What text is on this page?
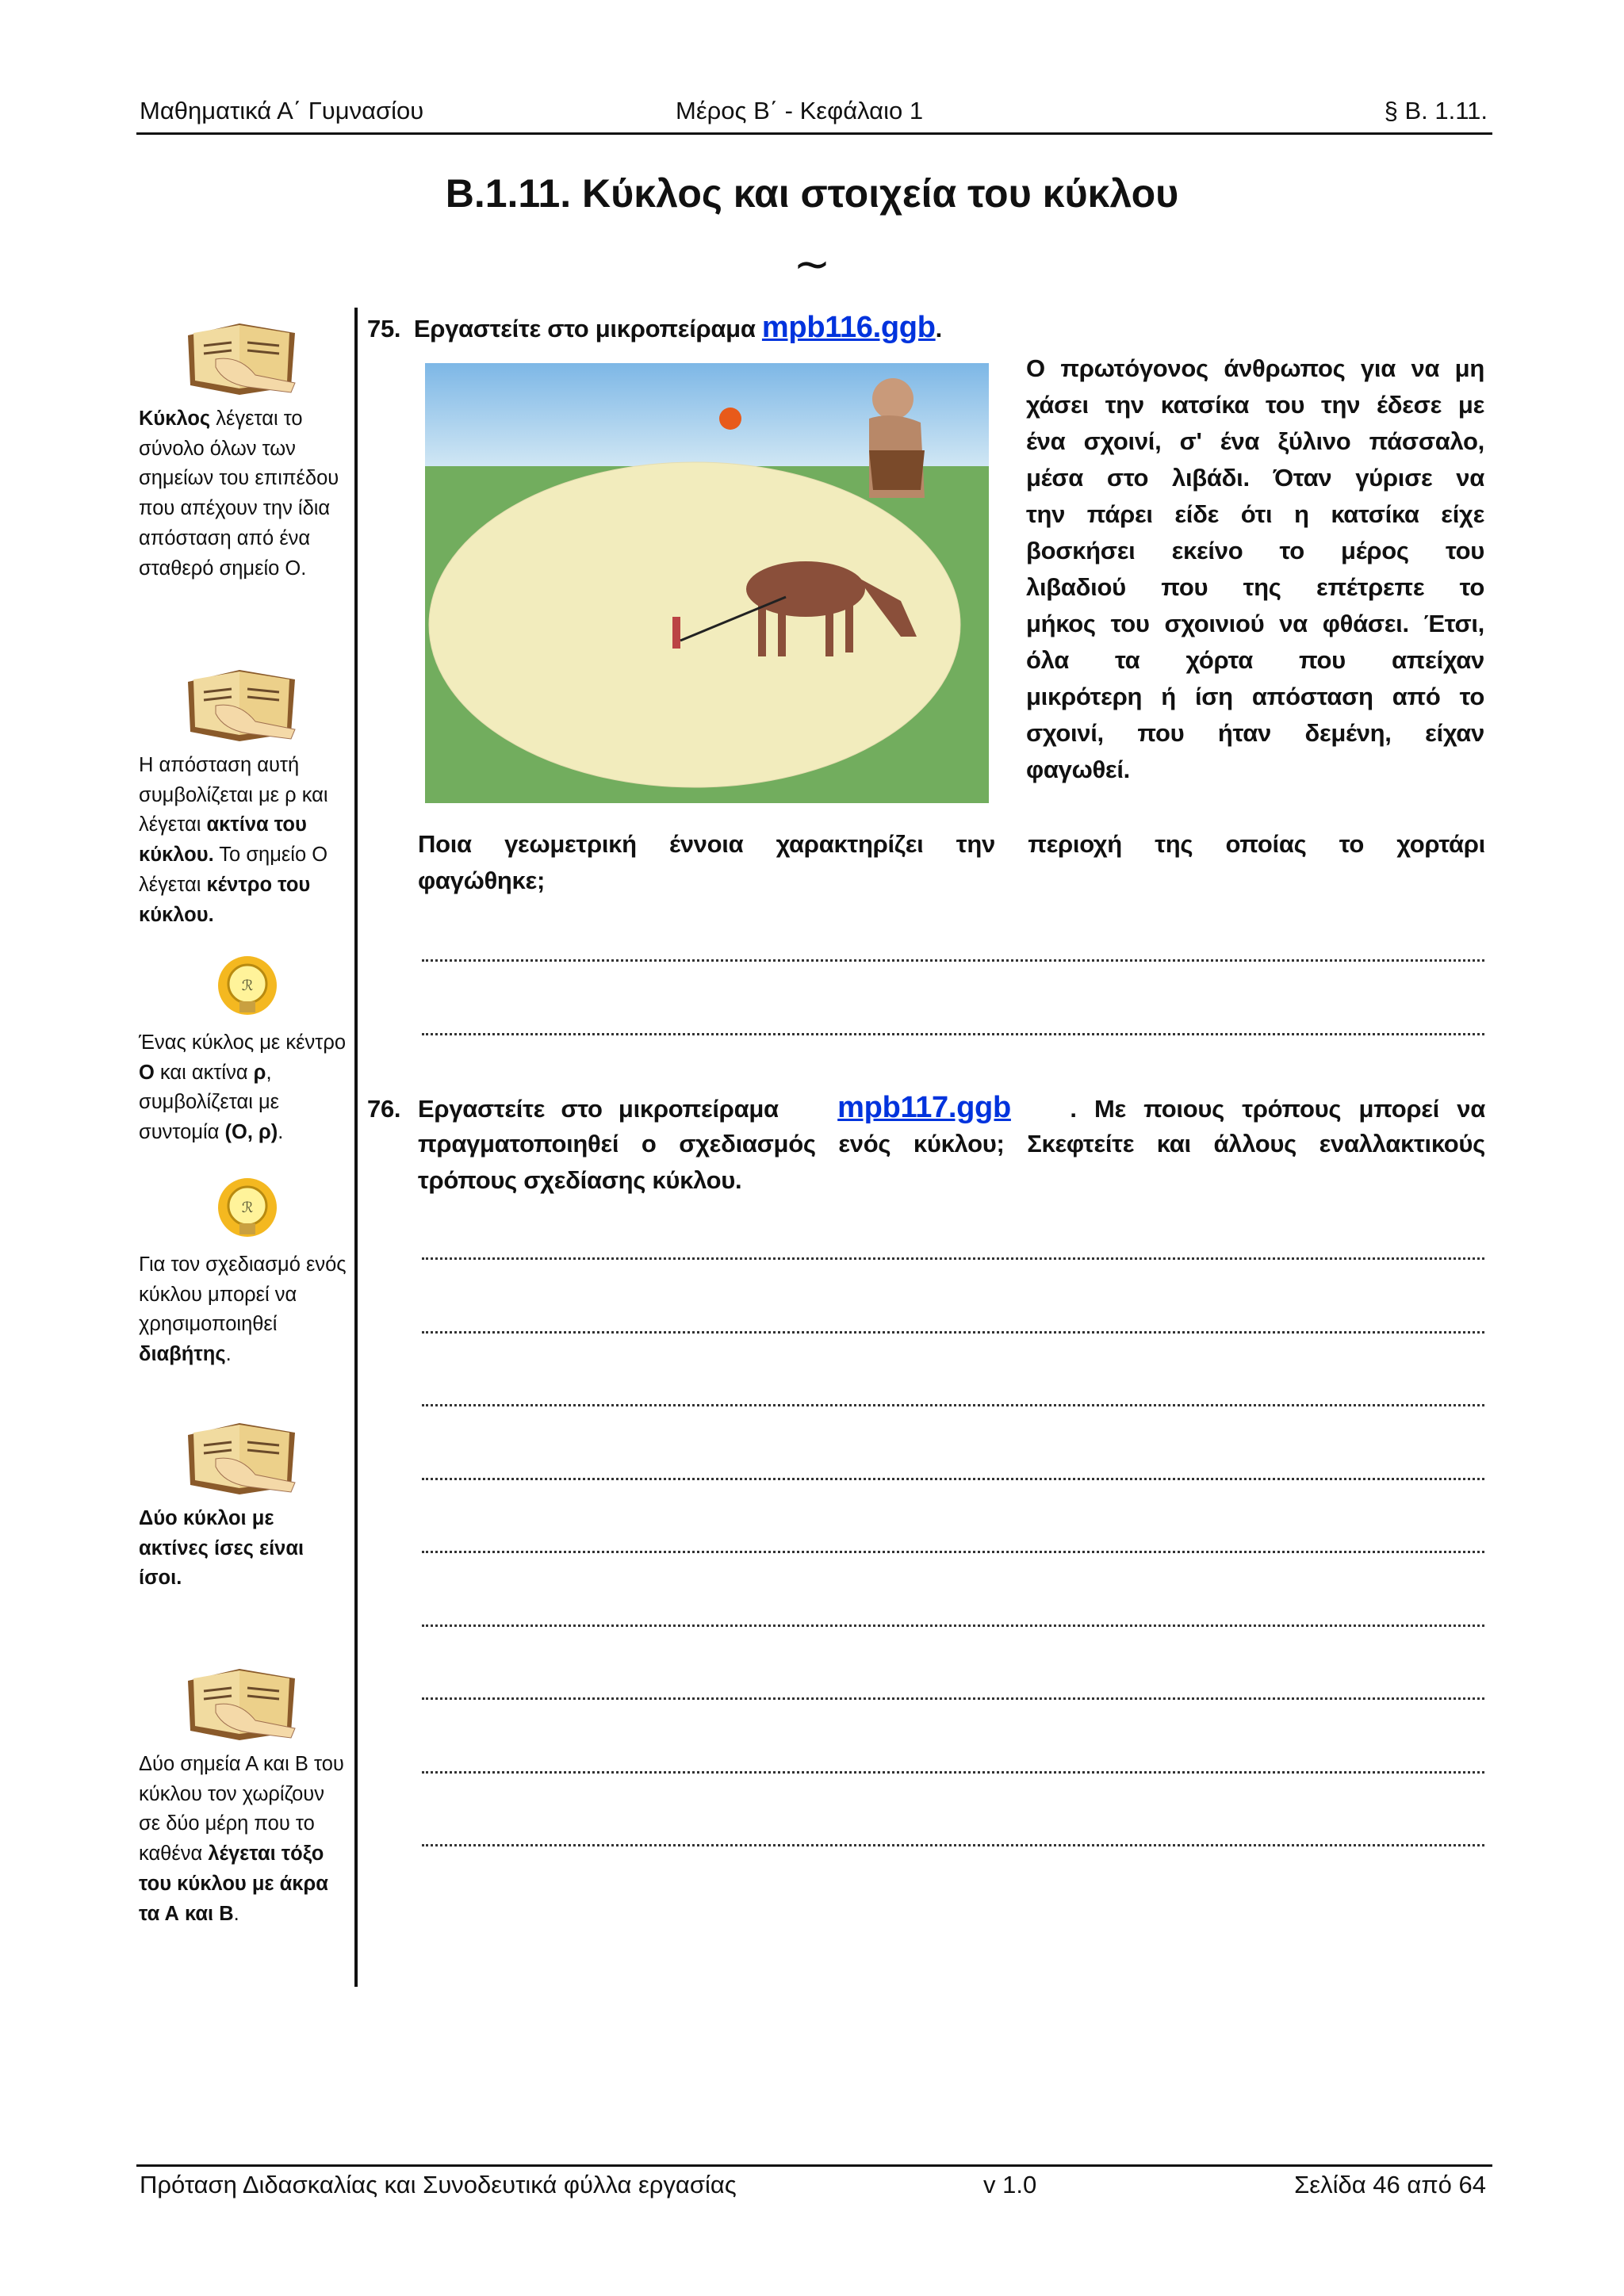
Μαθηματικά Α΄ Γυμνασίου	Μέρος Β΄ - Κεφάλαιο 1	§ Β. 1.11.
Β.1.11. Κύκλος και στοιχεία του κύκλου
∼
Κύκλος λέγεται το σύνολο όλων των σημείων του επιπέδου που απέχουν την ίδια απόσταση από ένα σταθερό σημείο Ο.
Η απόσταση αυτή συμβολίζεται με ρ και λέγεται ακτίνα του κύκλου. Το σημείο Ο λέγεται κέντρο του κύκλου.
ℛ
Ένας κύκλος με κέντρο Ο και ακτίνα ρ, συμβολίζεται με συντομία (Ο, ρ).
ℛ
Για τον σχεδιασμό ενός κύκλου μπορεί να χρησιμοποιηθεί διαβήτης.
Δύο κύκλοι με ακτίνες ίσες είναι ίσοι.
Δύο σημεία Α και Β του κύκλου τον χωρίζουν σε δύο μέρη που το καθένα λέγεται τόξο του κύκλου με άκρα τα Α και Β.
75. Εργαστείτε στο μικροπείραμα mpb116.ggb.
Ο πρωτόγονος άνθρωπος για να μη
χάσει την κατσίκα του την έδεσε με
ένα σχοινί, σ' ένα ξύλινο πάσσαλο,
μέσα στο λιβάδι. Όταν γύρισε να
την πάρει είδε ότι η κατσίκα είχε
βοσκήσει εκείνο το μέρος του
λιβαδιού που της επέτρεπε το
μήκος του σχοινιού να φθάσει. Έτσι,
όλα τα χόρτα που απείχαν
μικρότερη ή ίση απόσταση από το
σχοινί, που ήταν δεμένη, είχαν
φαγωθεί.
Ποια γεωμετρική έννοια χαρακτηρίζει την περιοχή της οποίας το χορτάρι
φαγώθηκε;
76. Εργαστείτε στο μικροπείραμα mpb117.ggb . Με ποιους τρόπους μπορεί να
πραγματοποιηθεί ο σχεδιασμός ενός κύκλου; Σκεφτείτε και άλλους εναλλακτικούς
τρόπους σχεδίασης κύκλου.
Πρόταση Διδασκαλίας και Συνοδευτικά φύλλα εργασίας	v 1.0	Σελίδα 46 από 64
